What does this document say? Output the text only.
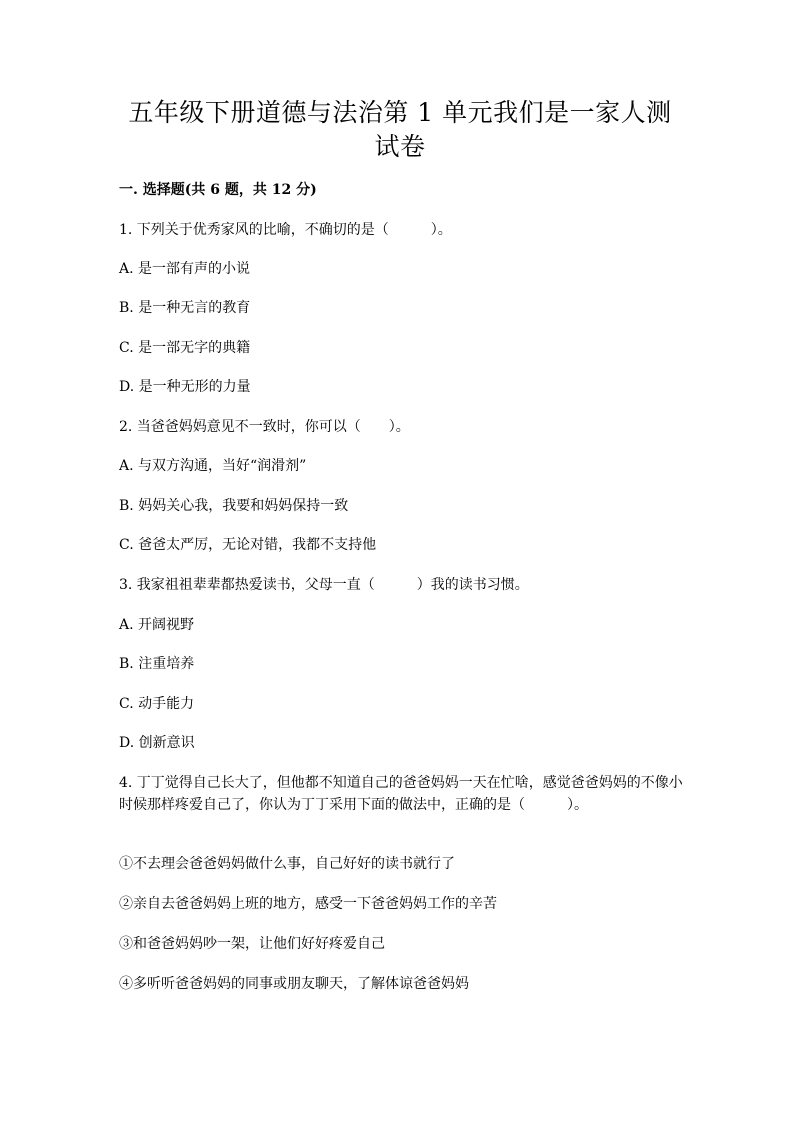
五年级下册道德与法治第 1 单元我们是一家人测试卷
一. 选择题(共 6 题，共 12 分)
1. 下列关于优秀家风的比喻，不确切的是（　　　）。
A. 是一部有声的小说
B. 是一种无言的教育
C. 是一部无字的典籍
D. 是一种无形的力量
2. 当爸爸妈妈意见不一致时，你可以（　　）。
A. 与双方沟通，当好“润滑剂”
B. 妈妈关心我，我要和妈妈保持一致
C. 爸爸太严厉，无论对错，我都不支持他
3. 我家祖祖辈辈都热爱读书，父母一直（　　　）我的读书习惯。
A. 开阔视野
B. 注重培养
C. 动手能力
D. 创新意识
4. 丁丁觉得自己长大了，但他都不知道自己的爸爸妈妈一天在忙啥，感觉爸爸妈妈的不像小时候那样疼爱自己了，你认为丁丁采用下面的做法中，正确的是（　　　）。
①不去理会爸爸妈妈做什么事，自己好好的读书就行了
②亲自去爸爸妈妈上班的地方，感受一下爸爸妈妈工作的辛苦
③和爸爸妈妈吵一架，让他们好好疼爱自己
④多听听爸爸妈妈的同事或朋友聊天，了解体谅爸爸妈妈
